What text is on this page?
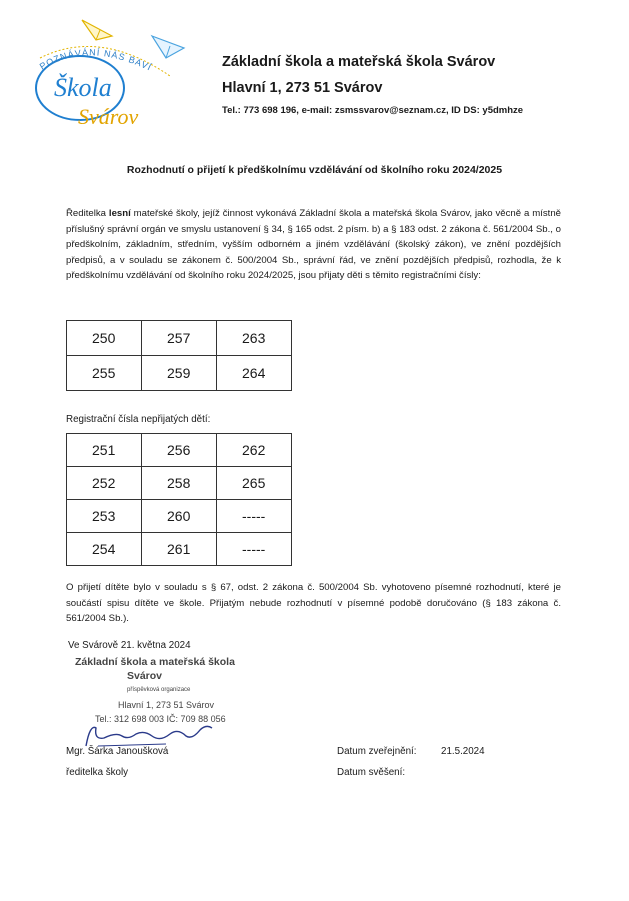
POZNÁVÁNÍ NÁS BAVÍ
Škola
Svárov
Základní škola a mateřská škola Svárov
Hlavní 1, 273 51 Svárov
Tel.: 773 698 196, e-mail: zsmssvarov@seznam.cz, ID DS: y5dmhze
Rozhodnutí o přijetí k předškolnímu vzdělávání od školního roku 2024/2025
Ředitelka lesní mateřské školy, jejíž činnost vykonává Základní škola a mateřská škola Svárov, jako věcně a místně příslušný správní orgán ve smyslu ustanovení § 34, § 165 odst. 2 písm. b) a § 183 odst. 2 zákona č. 561/2004 Sb., o předškolním, základním, středním, vyšším odborném a jiném vzdělávání (školský zákon), ve znění pozdějších předpisů, a v souladu se zákonem č. 500/2004 Sb., správní řád, ve znění pozdějších předpisů, rozhodla, že k předškolnímu vzdělávání od školního roku 2024/2025, jsou přijaty děti s těmito registračními čísly:
250	257	263
255	259	264
Registrační čísla nepřijatých dětí:
251	256	262
252	258	265
253	260	-----
254	261	-----
O přijetí dítěte bylo v souladu s § 67, odst. 2 zákona č. 500/2004 Sb. vyhotoveno písemné rozhodnutí, které je součástí spisu dítěte ve škole. Přijatým nebude rozhodnutí v písemné podobě doručováno (§ 183 zákona č. 561/2004 Sb.).
Ve Svárově 21. května 2024
Základní škola a mateřská škola
Svárov
příspěvková organizace
Hlavní 1, 273 51 Svárov
Tel.: 312 698 003 IČ: 709 88 056
Mgr. Šárka Janoušková
ředitelka školy
Datum zveřejnění:	21.5.2024
Datum svěšení:
